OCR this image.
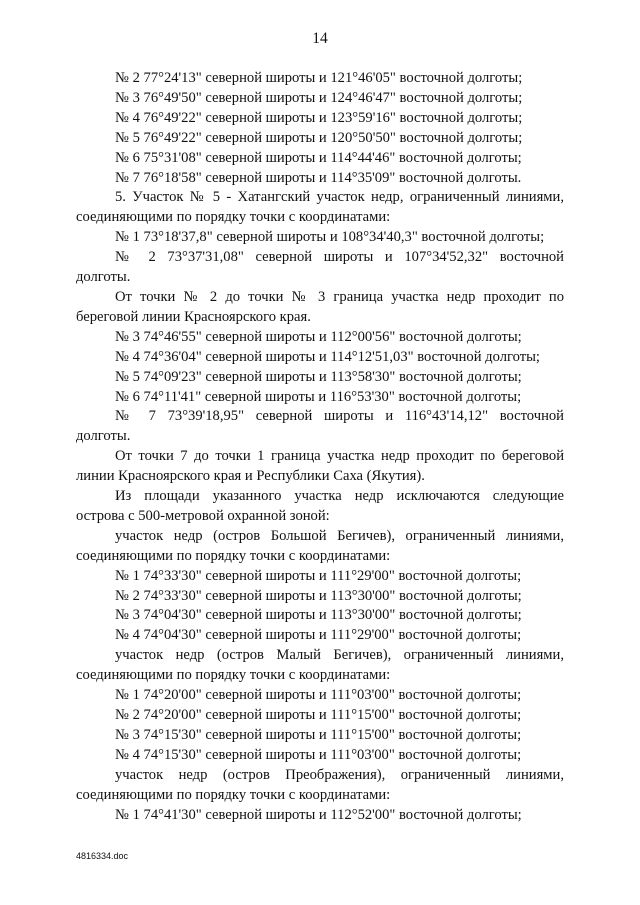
14
№ 2 77°24'13" северной широты и 121°46'05" восточной долготы;
№ 3 76°49'50" северной широты и 124°46'47" восточной долготы;
№ 4 76°49'22" северной широты и 123°59'16" восточной долготы;
№ 5 76°49'22" северной широты и 120°50'50" восточной долготы;
№ 6 75°31'08" северной широты и 114°44'46" восточной долготы;
№ 7 76°18'58" северной широты и 114°35'09" восточной долготы.
5. Участок № 5 - Хатангский участок недр, ограниченный линиями,
соединяющими по порядку точки с координатами:
№ 1 73°18'37,8" северной широты и 108°34'40,3" восточной долготы;
№ 2 73°37'31,08" северной широты и 107°34'52,32" восточной
долготы.
От точки № 2 до точки № 3 граница участка недр проходит по
береговой линии Красноярского края.
№ 3 74°46'55" северной широты и 112°00'56" восточной долготы;
№ 4 74°36'04" северной широты и 114°12'51,03" восточной долготы;
№ 5 74°09'23" северной широты и 113°58'30" восточной долготы;
№ 6 74°11'41" северной широты и 116°53'30" восточной долготы;
№ 7 73°39'18,95" северной широты и 116°43'14,12" восточной
долготы.
От точки 7 до точки 1 граница участка недр проходит по береговой
линии Красноярского края и Республики Саха (Якутия).
Из площади указанного участка недр исключаются следующие
острова с 500-метровой охранной зоной:
участок недр (остров Большой Бегичев), ограниченный линиями,
соединяющими по порядку точки с координатами:
№ 1 74°33'30" северной широты и 111°29'00" восточной долготы;
№ 2 74°33'30" северной широты и 113°30'00" восточной долготы;
№ 3 74°04'30" северной широты и 113°30'00" восточной долготы;
№ 4 74°04'30" северной широты и 111°29'00" восточной долготы;
участок недр (остров Малый Бегичев), ограниченный линиями,
соединяющими по порядку точки с координатами:
№ 1 74°20'00" северной широты и 111°03'00" восточной долготы;
№ 2 74°20'00" северной широты и 111°15'00" восточной долготы;
№ 3 74°15'30" северной широты и 111°15'00" восточной долготы;
№ 4 74°15'30" северной широты и 111°03'00" восточной долготы;
участок недр (остров Преображения), ограниченный линиями,
соединяющими по порядку точки с координатами:
№ 1 74°41'30" северной широты и 112°52'00" восточной долготы;
4816334.doc
